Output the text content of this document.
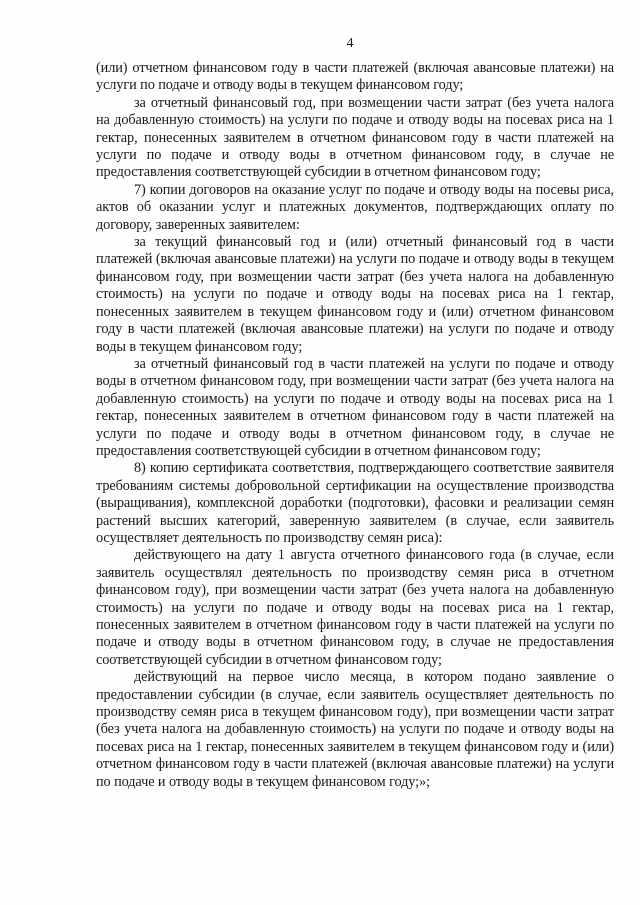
4

(или) отчетном финансовом году в части платежей (включая авансовые платежи) на услуги по подаче и отводу воды в текущем финансовом году;

за отчетный финансовый год, при возмещении части затрат (без учета налога на добавленную стоимость) на услуги по подаче и отводу воды на посевах риса на 1 гектар, понесенных заявителем в отчетном финансовом году в части платежей на услуги по подаче и отводу воды в отчетном финансовом году, в случае не предоставления соответствующей субсидии в отчетном финансовом году;

7) копии договоров на оказание услуг по подаче и отводу воды на посевы риса, актов об оказании услуг и платежных документов, подтверждающих оплату по договору, заверенных заявителем:

за текущий финансовый год и (или) отчетный финансовый год в части платежей (включая авансовые платежи) на услуги по подаче и отводу воды в текущем финансовом году, при возмещении части затрат (без учета налога на добавленную стоимость) на услуги по подаче и отводу воды на посевах риса на 1 гектар, понесенных заявителем в текущем финансовом году и (или) отчетном финансовом году в части платежей (включая авансовые платежи) на услуги по подаче и отводу воды в текущем финансовом году;

за отчетный финансовый год в части платежей на услуги по подаче и отводу воды в отчетном финансовом году, при возмещении части затрат (без учета налога на добавленную стоимость) на услуги по подаче и отводу воды на посевах риса на 1 гектар, понесенных заявителем в отчетном финансовом году в части платежей на услуги по подаче и отводу воды в отчетном финансовом году, в случае не предоставления соответствующей субсидии в отчетном финансовом году;

8) копию сертификата соответствия, подтверждающего соответствие заявителя требованиям системы добровольной сертификации на осуществление производства (выращивания), комплексной доработки (подготовки), фасовки и реализации семян растений высших категорий, заверенную заявителем (в случае, если заявитель осуществляет деятельность по производству семян риса):

действующего на дату 1 августа отчетного финансового года (в случае, если заявитель осуществлял деятельность по производству семян риса в отчетном финансовом году), при возмещении части затрат (без учета налога на добавленную стоимость) на услуги по подаче и отводу воды на посевах риса на 1 гектар, понесенных заявителем в отчетном финансовом году в части платежей на услуги по подаче и отводу воды в отчетном финансовом году, в случае не предоставления соответствующей субсидии в отчетном финансовом году;

действующий на первое число месяца, в котором подано заявление о предоставлении субсидии (в случае, если заявитель осуществляет деятельность по производству семян риса в текущем финансовом году), при возмещении части затрат (без учета налога на добавленную стоимость) на услуги по подаче и отводу воды на посевах риса на 1 гектар, понесенных заявителем в текущем финансовом году и (или) отчетном финансовом году в части платежей (включая авансовые платежи) на услуги по подаче и отводу воды в текущем финансовом году;»;
